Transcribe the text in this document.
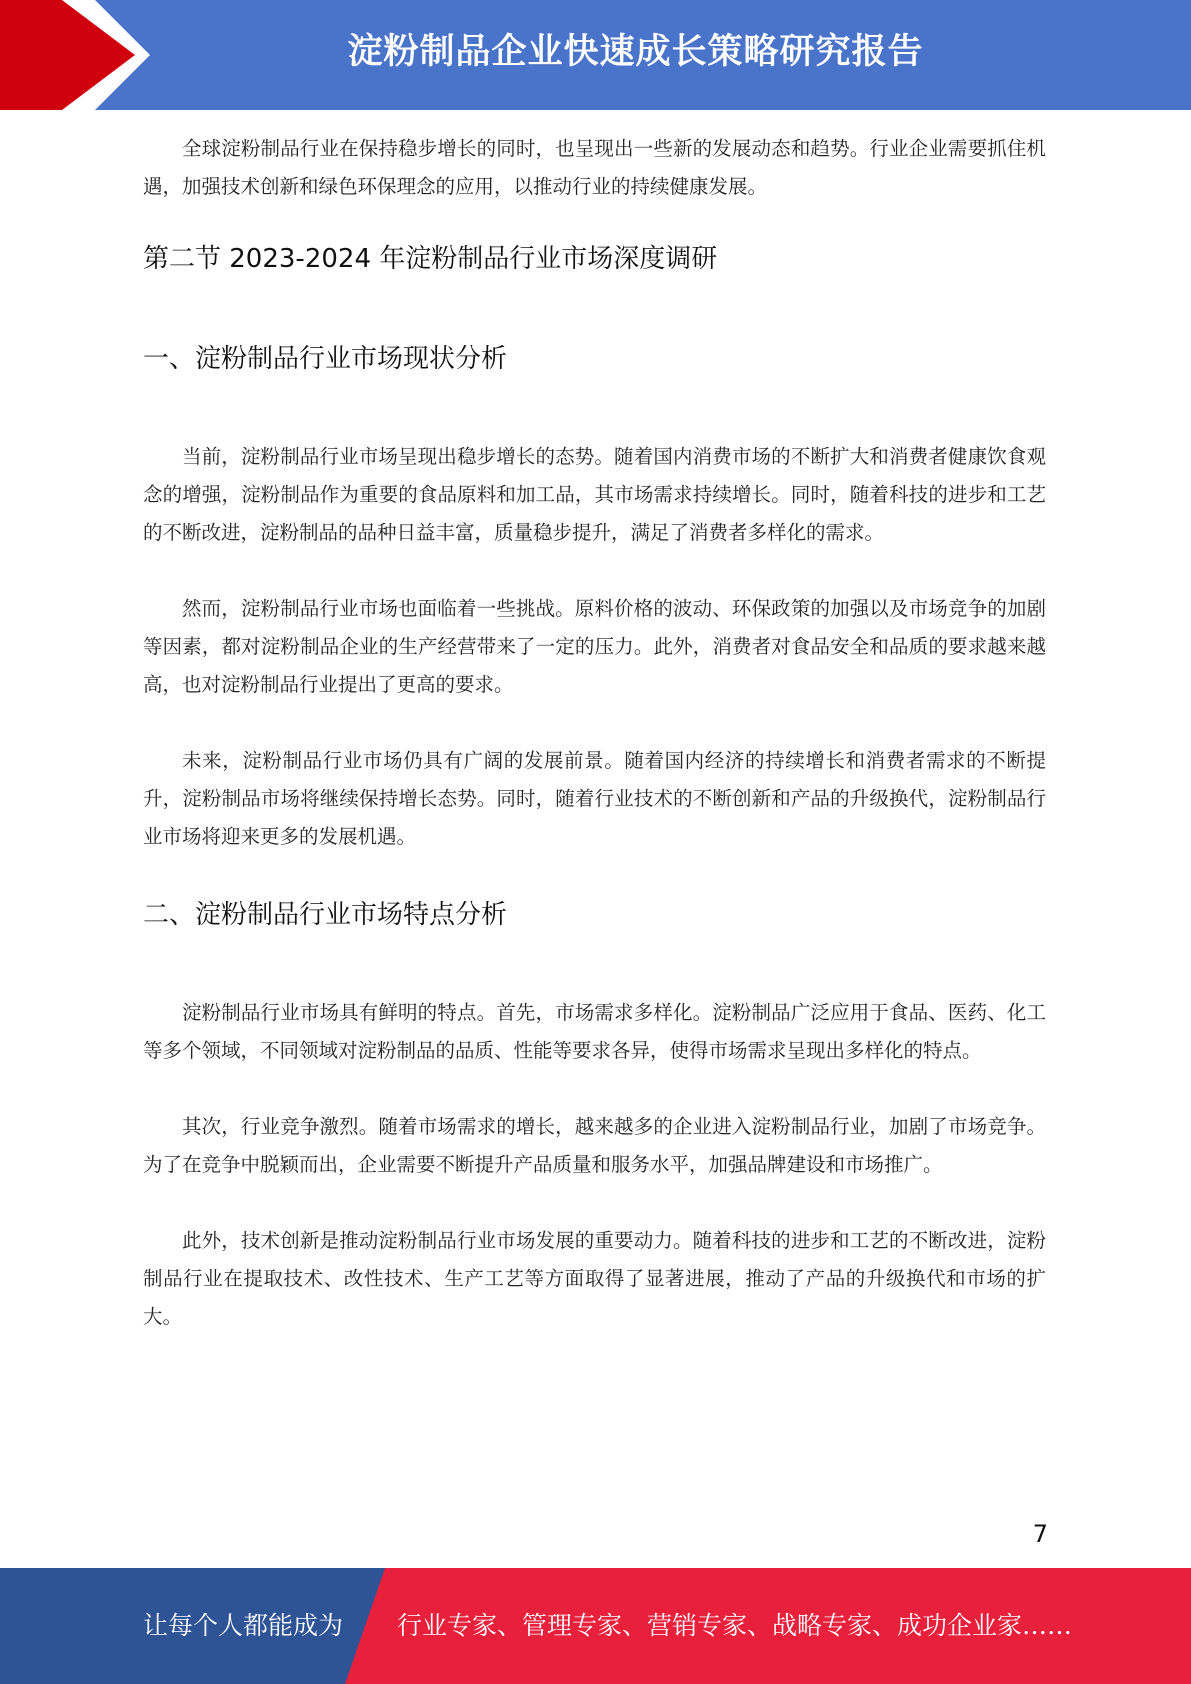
淀粉制品企业快速成长策略研究报告

全球淀粉制品行业在保持稳步增长的同时，也呈现出一些新的发展动态和趋势。行业企业需要抓住机遇，加强技术创新和绿色环保理念的应用，以推动行业的持续健康发展。

第二节 2023-2024 年淀粉制品行业市场深度调研
一、淀粉制品行业市场现状分析

当前，淀粉制品行业市场呈现出稳步增长的态势。随着国内消费市场的不断扩大和消费者健康饮食观念的增强，淀粉制品作为重要的食品原料和加工品，其市场需求持续增长。同时，随着科技的进步和工艺的不断改进，淀粉制品的品种日益丰富，质量稳步提升，满足了消费者多样化的需求。

然而，淀粉制品行业市场也面临着一些挑战。原料价格的波动、环保政策的加强以及市场竞争的加剧等因素，都对淀粉制品企业的生产经营带来了一定的压力。此外，消费者对食品安全和品质的要求越来越高，也对淀粉制品行业提出了更高的要求。

未来，淀粉制品行业市场仍具有广阔的发展前景。随着国内经济的持续增长和消费者需求的不断提升，淀粉制品市场将继续保持增长态势。同时，随着行业技术的不断创新和产品的升级换代，淀粉制品行业市场将迎来更多的发展机遇。

二、淀粉制品行业市场特点分析

淀粉制品行业市场具有鲜明的特点。首先，市场需求多样化。淀粉制品广泛应用于食品、医药、化工等多个领域，不同领域对淀粉制品的品质、性能等要求各异，使得市场需求呈现出多样化的特点。

其次，行业竞争激烈。随着市场需求的增长，越来越多的企业进入淀粉制品行业，加剧了市场竞争。为了在竞争中脱颖而出，企业需要不断提升产品质量和服务水平，加强品牌建设和市场推广。

此外，技术创新是推动淀粉制品行业市场发展的重要动力。随着科技的进步和工艺的不断改进，淀粉制品行业在提取技术、改性技术、生产工艺等方面取得了显著进展，推动了产品的升级换代和市场的扩大。

7
让每个人都能成为 行业专家、管理专家、营销专家、战略专家、成功企业家……
